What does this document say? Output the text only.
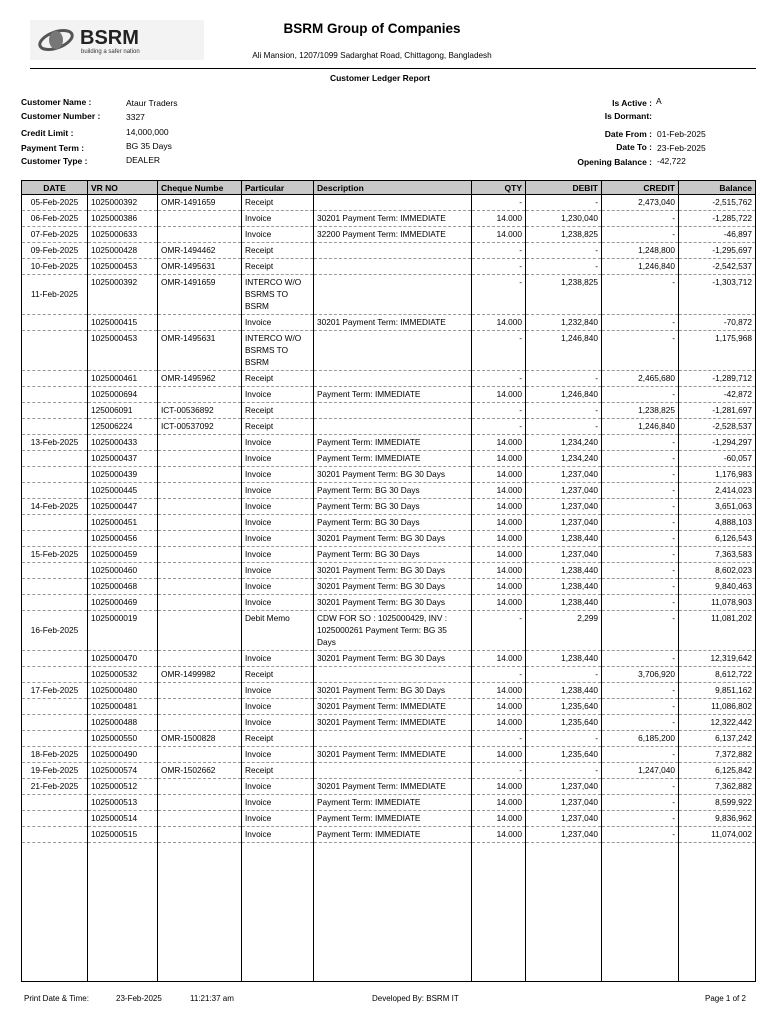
BSRM
building a safer nation
BSRM Group of Companies
Ali Mansion, 1207/1099 Sadarghat Road, Chittagong, Bangladesh
Customer Ledger Report
Customer Name :	Ataur Traders
Customer Number :	3327
Credit Limit :	14,000,000
Payment Term :	BG 35 Days
Customer Type :	DEALER
Is Active : A
Is Dormant:
Date From : 01-Feb-2025
Date To : 23-Feb-2025
Opening Balance : -42,722
DATE	VR NO	Cheque Numbe	Particular	Description	QTY	DEBIT	CREDIT	Balance
05-Feb-2025	1025000392	OMR-1491659	Receipt		-	-	2,473,040	-2,515,762
06-Feb-2025	1025000386		Invoice	30201 Payment Term: IMMEDIATE	14.000	1,230,040	-	-1,285,722
07-Feb-2025	1025000633		Invoice	32200 Payment Term: IMMEDIATE	14.000	1,238,825	-	-46,897
09-Feb-2025	1025000428	OMR-1494462	Receipt		-	-	1,248,800	-1,295,697
10-Feb-2025	1025000453	OMR-1495631	Receipt		-	-	1,246,840	-2,542,537
11-Feb-2025	1025000392	OMR-1491659	INTERCO W/O BSRMS TO BSRM		-	1,238,825	-	-1,303,712
	1025000415		Invoice	30201 Payment Term: IMMEDIATE	14.000	1,232,840	-	-70,872
	1025000453	OMR-1495631	INTERCO W/O BSRMS TO BSRM		-	1,246,840	-	1,175,968
	1025000461	OMR-1495962	Receipt		-	-	2,465,680	-1,289,712
	1025000694		Invoice	Payment Term: IMMEDIATE	14.000	1,246,840	-	-42,872
	125006091	ICT-00536892	Receipt		-	-	1,238,825	-1,281,697
	125006224	ICT-00537092	Receipt		-	-	1,246,840	-2,528,537
13-Feb-2025	1025000433		Invoice	Payment Term: IMMEDIATE	14.000	1,234,240	-	-1,294,297
	1025000437		Invoice	Payment Term: IMMEDIATE	14.000	1,234,240	-	-60,057
	1025000439		Invoice	30201 Payment Term: BG 30 Days	14.000	1,237,040	-	1,176,983
	1025000445		Invoice	Payment Term: BG 30 Days	14.000	1,237,040	-	2,414,023
14-Feb-2025	1025000447		Invoice	Payment Term: BG 30 Days	14.000	1,237,040	-	3,651,063
	1025000451		Invoice	Payment Term: BG 30 Days	14.000	1,237,040	-	4,888,103
	1025000456		Invoice	30201 Payment Term: BG 30 Days	14.000	1,238,440	-	6,126,543
15-Feb-2025	1025000459		Invoice	Payment Term: BG 30 Days	14.000	1,237,040	-	7,363,583
	1025000460		Invoice	30201 Payment Term: BG 30 Days	14.000	1,238,440	-	8,602,023
	1025000468		Invoice	30201 Payment Term: BG 30 Days	14.000	1,238,440	-	9,840,463
	1025000469		Invoice	30201 Payment Term: BG 30 Days	14.000	1,238,440	-	11,078,903
16-Feb-2025	1025000019		Debit Memo	CDW FOR SO : 1025000429, INV : 1025000261 Payment Term: BG 35 Days	-	2,299	-	11,081,202
	1025000470		Invoice	30201 Payment Term: BG 30 Days	14.000	1,238,440	-	12,319,642
	1025000532	OMR-1499982	Receipt		-	-	3,706,920	8,612,722
17-Feb-2025	1025000480		Invoice	30201 Payment Term: BG 30 Days	14.000	1,238,440	-	9,851,162
	1025000481		Invoice	30201 Payment Term: IMMEDIATE	14.000	1,235,640	-	11,086,802
	1025000488		Invoice	30201 Payment Term: IMMEDIATE	14.000	1,235,640	-	12,322,442
	1025000550	OMR-1500828	Receipt		-	-	6,185,200	6,137,242
18-Feb-2025	1025000490		Invoice	30201 Payment Term: IMMEDIATE	14.000	1,235,640	-	7,372,882
19-Feb-2025	1025000574	OMR-1502662	Receipt		-	-	1,247,040	6,125,842
21-Feb-2025	1025000512		Invoice	30201 Payment Term: IMMEDIATE	14.000	1,237,040	-	7,362,882
	1025000513		Invoice	Payment Term: IMMEDIATE	14.000	1,237,040	-	8,599,922
	1025000514		Invoice	Payment Term: IMMEDIATE	14.000	1,237,040	-	9,836,962
	1025000515		Invoice	Payment Term: IMMEDIATE	14.000	1,237,040	-	11,074,002

Print Date & Time:	23-Feb-2025	11:21:37 am	Developed By: BSRM IT	Page 1 of 2
